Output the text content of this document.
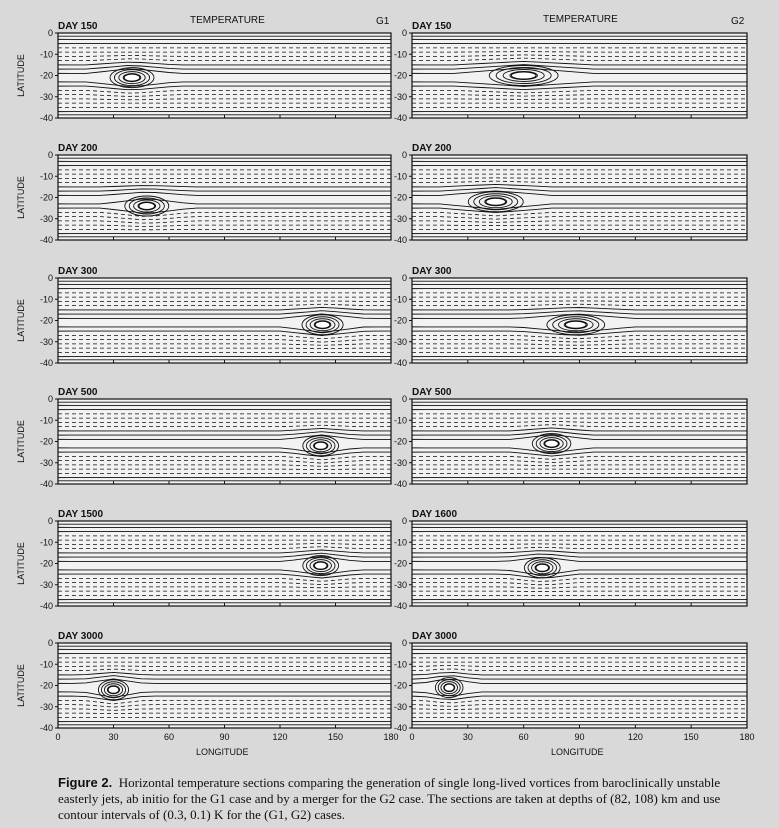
TEMPERATURE	TEMPERATURE
G1	G2
DAY 150
0
-10
-20
-30
-40
LATITUDE
DAY 200
0
-10
-20
-30
-40
LATITUDE
DAY 300
0
-10
-20
-30
-40
LATITUDE
DAY 500
0
-10
-20
-30
-40
LATITUDE
DAY 1500
0
-10
-20
-30
-40
LATITUDE
DAY 3000
0
-10
-20
-30
-40
LATITUDE
0	30	60	90	120	150	180
DAY 150
0
-10
-20
-30
-40
DAY 200
0
-10
-20
-30
-40
DAY 300
0
-10
-20
-30
-40
DAY 500
0
-10
-20
-30
-40
DAY 1600
0
-10
-20
-30
-40
DAY 3000
0
-10
-20
-30
-40
0	30	60	90	120	150	180
LONGITUDE	LONGITUDE

Figure 2. Horizontal temperature sections comparing the generation of single long-lived vortices from baroclinically unstable easterly jets, ab initio for the G1 case and by a merger for the G2 case. The sections are taken at depths of (82, 108) km and use contour intervals of (0.3, 0.1) K for the (G1, G2) cases.
